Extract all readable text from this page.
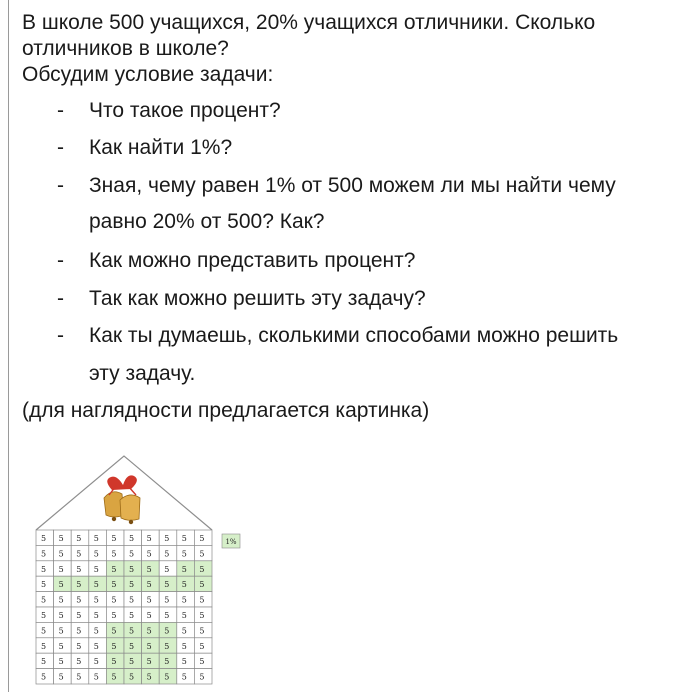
В школе 500 учащихся, 20% учащихся отличники. Сколько
отличников в школе?
Обсудим условие задачи:
- Что такое процент?
- Как найти 1%?
- Зная, чему равен 1% от 500 можем ли мы найти чему
равно 20% от 500? Как?
- Как можно представить процент?
- Так как можно решить эту задачу?
- Как ты думаешь, сколькими способами можно решить
эту задачу.
(для наглядности предлагается картинка)
5 5 5 5 5 5 5 5 5 5
5 5 5 5 5 5 5 5 5 5
5 5 5 5 5 5 5 5 5 5
5 5 5 5 5 5 5 5 5 5
5 5 5 5 5 5 5 5 5 5
5 5 5 5 5 5 5 5 5 5
5 5 5 5 5 5 5 5 5 5
5 5 5 5 5 5 5 5 5 5
5 5 5 5 5 5 5 5 5 5
5 5 5 5 5 5 5 5 5 5
1%
